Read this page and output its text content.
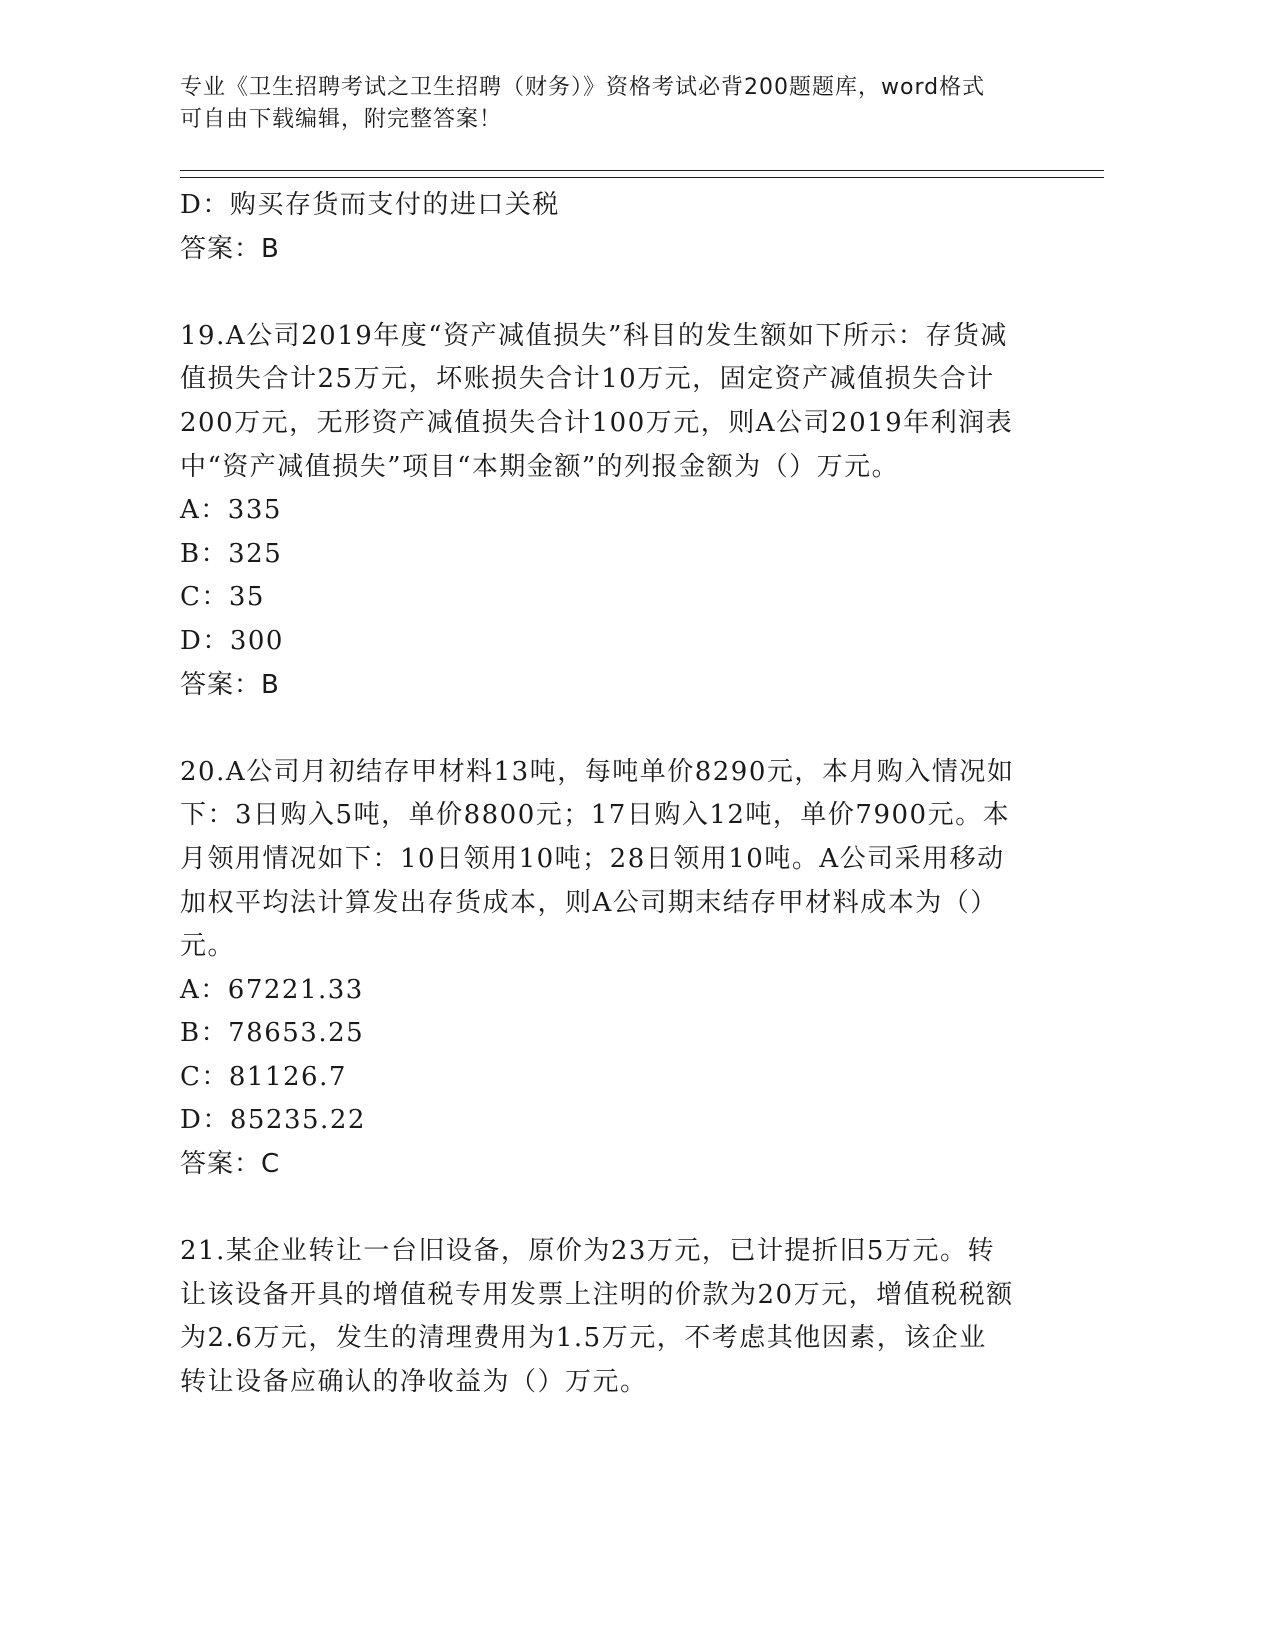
专业《卫生招聘考试之卫生招聘（财务）》资格考试必背200题题库，word格式
可自由下载编辑，附完整答案！
D：购买存货而支付的进口关税
答案：B
19.A公司2019年度“资产减值损失”科目的发生额如下所示：存货减
值损失合计25万元，坏账损失合计10万元，固定资产减值损失合计
200万元，无形资产减值损失合计100万元，则A公司2019年利润表
中“资产减值损失”项目“本期金额”的列报金额为（）万元。
A：335
B：325
C：35
D：300
答案：B
20.A公司月初结存甲材料13吨，每吨单价8290元，本月购入情况如
下：3日购入5吨，单价8800元；17日购入12吨，单价7900元。本
月领用情况如下：10日领用10吨；28日领用10吨。A公司采用移动
加权平均法计算发出存货成本，则A公司期末结存甲材料成本为（）
元。
A：67221.33
B：78653.25
C：81126.7
D：85235.22
答案：C
21.某企业转让一台旧设备，原价为23万元，已计提折旧5万元。转
让该设备开具的增值税专用发票上注明的价款为20万元，增值税税额
为2.6万元，发生的清理费用为1.5万元，不考虑其他因素，该企业
转让设备应确认的净收益为（）万元。
